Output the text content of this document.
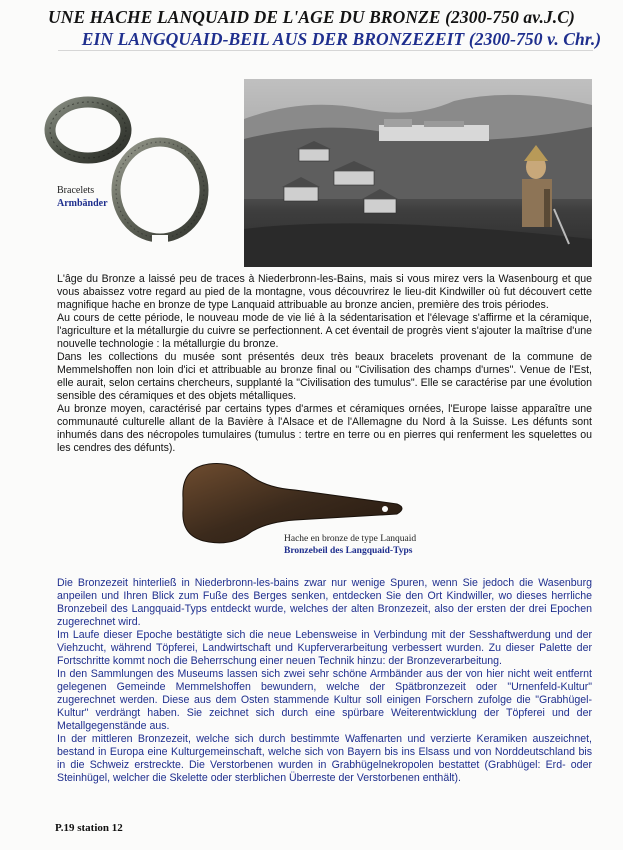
UNE HACHE LANQUAID DE L'AGE DU BRONZE (2300-750 av.J.C)
EIN LANGQUAID-BEIL AUS DER BRONZEZEIT (2300-750 v. Chr.)
Bracelets
Armbänder

L'âge du Bronze a laissé peu de traces à Niederbronn-les-Bains, mais si vous mirez vers la Wasenbourg et que vous abaissez votre regard au pied de la montagne, vous découvrirez le lieu-dit Kindwiller où fut découvert cette magnifique hache en bronze de type Lanquaid attribuable au bronze ancien, première des trois périodes.

Au cours de cette période, le nouveau mode de vie lié à la sédentarisation et l'élevage s'affirme et la céramique, l'agriculture et la métallurgie du cuivre se perfectionnent. A cet éventail de progrès vient s'ajouter la maîtrise d'une nouvelle technologie : la métallurgie du bronze.

Dans les collections du musée sont présentés deux très beaux bracelets provenant de la commune de Memmelshoffen non loin d'ici et attribuable au bronze final ou "Civilisation des champs d'urnes". Venue de l'Est, elle aurait, selon certains chercheurs, supplanté la "Civilisation des tumulus". Elle se caractérise par une évolution sensible des céramiques et des objets métalliques.

Au bronze moyen, caractérisé par certains types d'armes et céramiques ornées, l'Europe laisse apparaître une communauté culturelle allant de la Bavière à l'Alsace et de l'Allemagne du Nord à la Suisse. Les défunts sont inhumés dans des nécropoles tumulaires (tumulus : tertre en terre ou en pierres qui renferment les squelettes ou les cendres des défunts).

Hache en bronze de type Lanquaid
Bronzebeil des Langquaid-Typs

Die Bronzezeit hinterließ in Niederbronn-les-bains zwar nur wenige Spuren, wenn Sie jedoch die Wasenburg anpeilen und Ihren Blick zum Fuße des Berges senken, entdecken Sie den Ort Kindwiller, wo dieses herrliche Bronzebeil des Langquaid-Typs entdeckt wurde, welches der alten Bronzezeit, also der ersten der drei Epochen zugerechnet wird.

Im Laufe dieser Epoche bestätigte sich die neue Lebensweise in Verbindung mit der Sesshaftwerdung und der Viehzucht, während Töpferei, Landwirtschaft und Kupferverarbeitung verbessert wurden. Zu dieser Palette der Fortschritte kommt noch die Beherrschung einer neuen Technik hinzu: der Bronzeverarbeitung.

In den Sammlungen des Museums lassen sich zwei sehr schöne Armbänder aus der von hier nicht weit entfernt gelegenen Gemeinde Memmelshoffen bewundern, welche der Spätbronzezeit oder "Urnenfeld-Kultur" zugerechnet werden. Diese aus dem Osten stammende Kultur soll einigen Forschern zufolge die "Grabhügel-Kultur" verdrängt haben. Sie zeichnet sich durch eine spürbare Weiterentwicklung der Töpferei und der Metallgegenstände aus.

In der mittleren Bronzezeit, welche sich durch bestimmte Waffenarten und verzierte Keramiken auszeichnet, bestand in Europa eine Kulturgemeinschaft, welche sich von Bayern bis ins Elsass und von Norddeutschland bis in die Schweiz erstreckte. Die Verstorbenen wurden in Grabhügelnekropolen bestattet (Grabhügel: Erd- oder Steinhügel, welcher die Skelette oder sterblichen Überreste der Verstorbenen enthält).

P.19 station 12
